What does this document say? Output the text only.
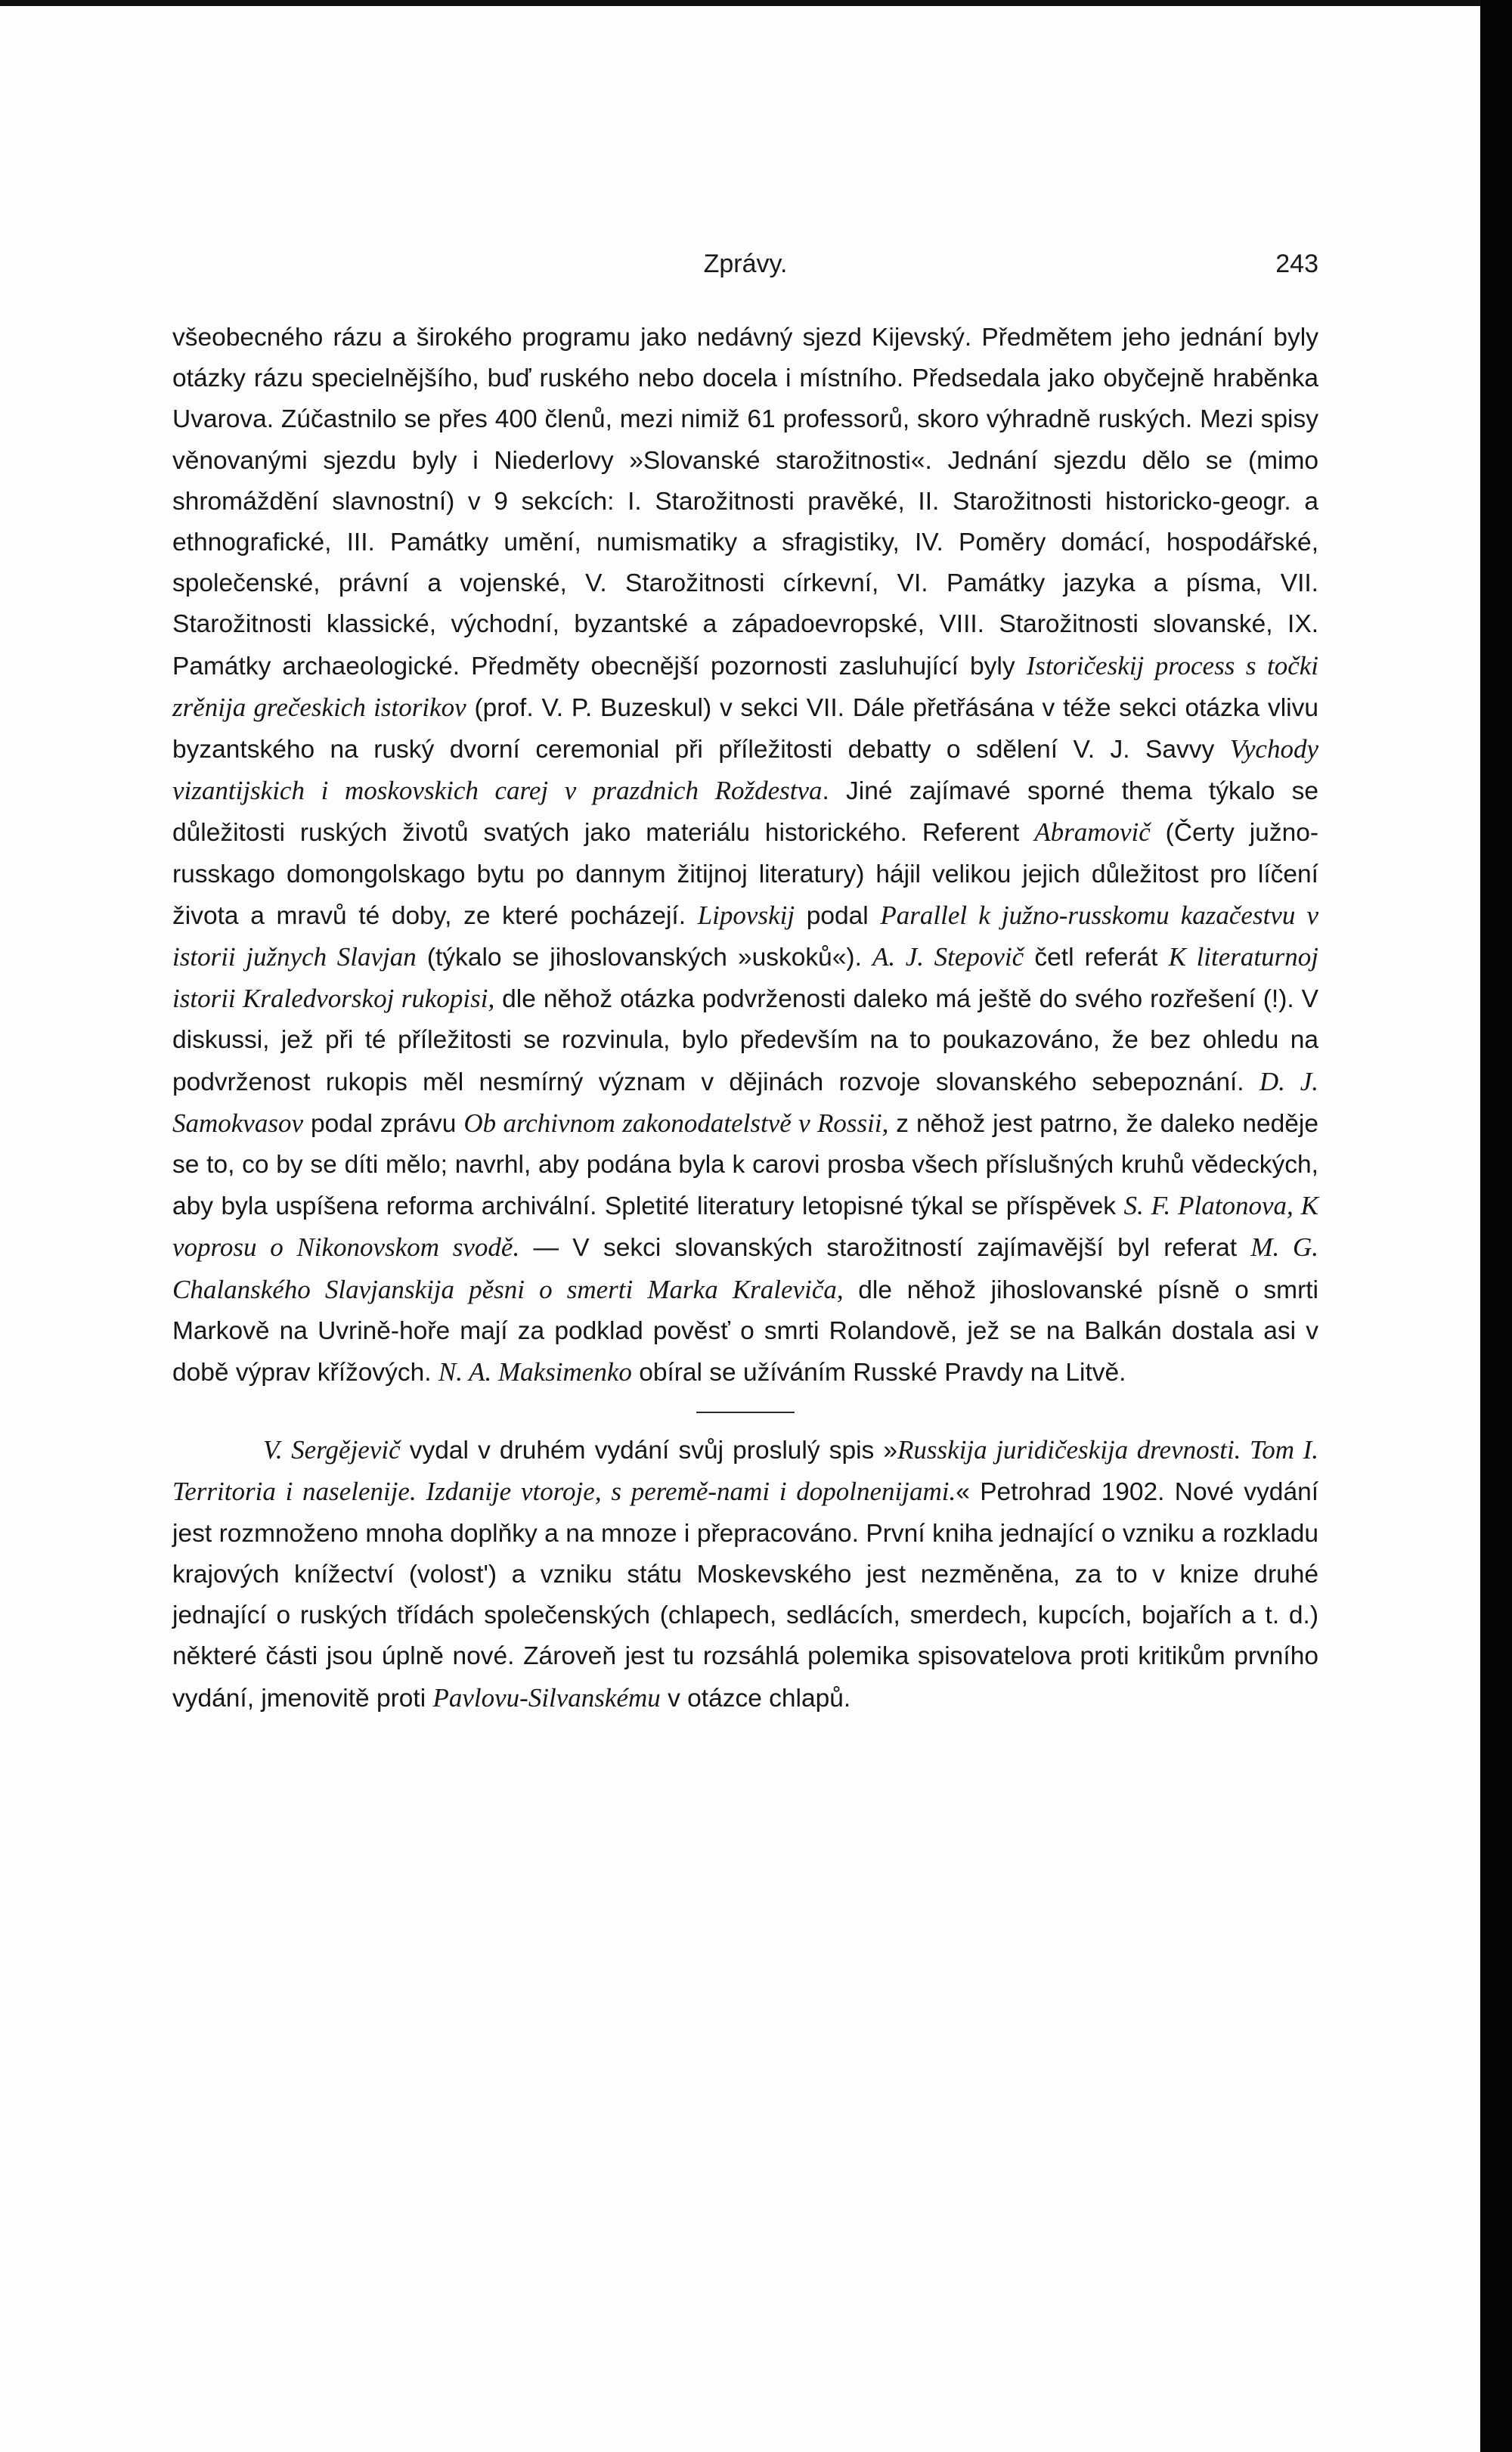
Zprávy.	243

všeobecného rázu a širokého programu jako nedávný sjezd Kijevský. Předmětem jeho jednání byly otázky rázu specielnějšího, buď ruského nebo docela i místního. Předsedala jako obyčejně hraběnka Uvarova. Zúčastnilo se přes 400 členů, mezi nimiž 61 professorů, skoro výhradně ruských. Mezi spisy věnovanými sjezdu byly i Niederlovy »Slovanské starožitnosti«. Jednání sjezdu dělo se (mimo shromáždění slavnostní) v 9 sekcích: I. Starožitnosti pravěké, II. Starožitnosti historicko-geogr. a ethnografické, III. Památky umění, numismatiky a sfragistiky, IV. Poměry domácí, hospodářské, společenské, právní a vojenské, V. Starožitnosti církevní, VI. Památky jazyka a písma, VII. Starožitnosti klassické, východní, byzantské a západoevropské, VIII. Starožitnosti slovanské, IX. Památky archaeologické. Předměty obecnější pozornosti zasluhující byly Istoričeskij process s točki zrěnija grečeskich istorikov (prof. V. P. Buzeskul) v sekci VII. Dále přetřásána v téže sekci otázka vlivu byzantského na ruský dvorní ceremonial při příležitosti debatty o sdělení V. J. Savvy Vychody vizantijskich i moskovskich carej v prazdnich Roždestva. Jiné zajímavé sporné thema týkalo se důležitosti ruských životů svatých jako materiálu historického. Referent Abramovič (Čerty južno-russkago domongolskago bytu po dannym žitijnoj literatury) hájil velikou jejich důležitost pro líčení života a mravů té doby, ze které pocházejí. Lipovskij podal Parallel k južno-russkomu kazačestvu v istorii južnych Slavjan (týkalo se jihoslovanských »uskoků«). A. J. Stepovič četl referát K literaturnoj istorii Kraledvorskoj rukopisi, dle něhož otázka podvrženosti daleko má ještě do svého rozřešení (!). V diskussi, jež při té příležitosti se rozvinula, bylo především na to poukazováno, že bez ohledu na podvrženost rukopis měl nesmírný význam v dějinách rozvoje slovanského sebepoznání. D. J. Samokvasov podal zprávu Ob archivnom zakonodatelstvě v Rossii, z něhož jest patrno, že daleko neděje se to, co by se díti mělo; navrhl, aby podána byla k carovi prosba všech příslušných kruhů vědeckých, aby byla uspíšena reforma archivální. Spletité literatury letopisné týkal se příspěvek S. F. Platonova, K voprosu o Nikonovskom svodě. — V sekci slovanských starožitností zajímavější byl referat M. G. Chalanského Slavjanskija pěsni o smerti Marka Kraleviča, dle něhož jihoslovanské písně o smrti Markově na Uvrině-hoře mají za podklad pověsť o smrti Rolandově, jež se na Balkán dostala asi v době výprav křížových. N. A. Maksimenko obíral se užíváním Russké Pravdy na Litvě.

V. Sergějevič vydal v druhém vydání svůj proslulý spis »Russkija juridičeskija drevnosti. Tom I. Territoria i naselenije. Izdanije vtoroje, s peremě-nami i dopolnenijami.« Petrohrad 1902. Nové vydání jest rozmnoženo mnoha doplňky a na mnoze i přepracováno. První kniha jednající o vzniku a rozkladu krajových knížectví (volost') a vzniku státu Moskevského jest nezměněna, za to v knize druhé jednající o ruských třídách společenských (chlapech, sedlácích, smerdech, kupcích, bojařích a t. d.) některé části jsou úplně nové. Zároveň jest tu rozsáhlá polemika spisovatelova proti kritikům prvního vydání, jmenovitě proti Pavlovu-Silvanskému v otázce chlapů.
